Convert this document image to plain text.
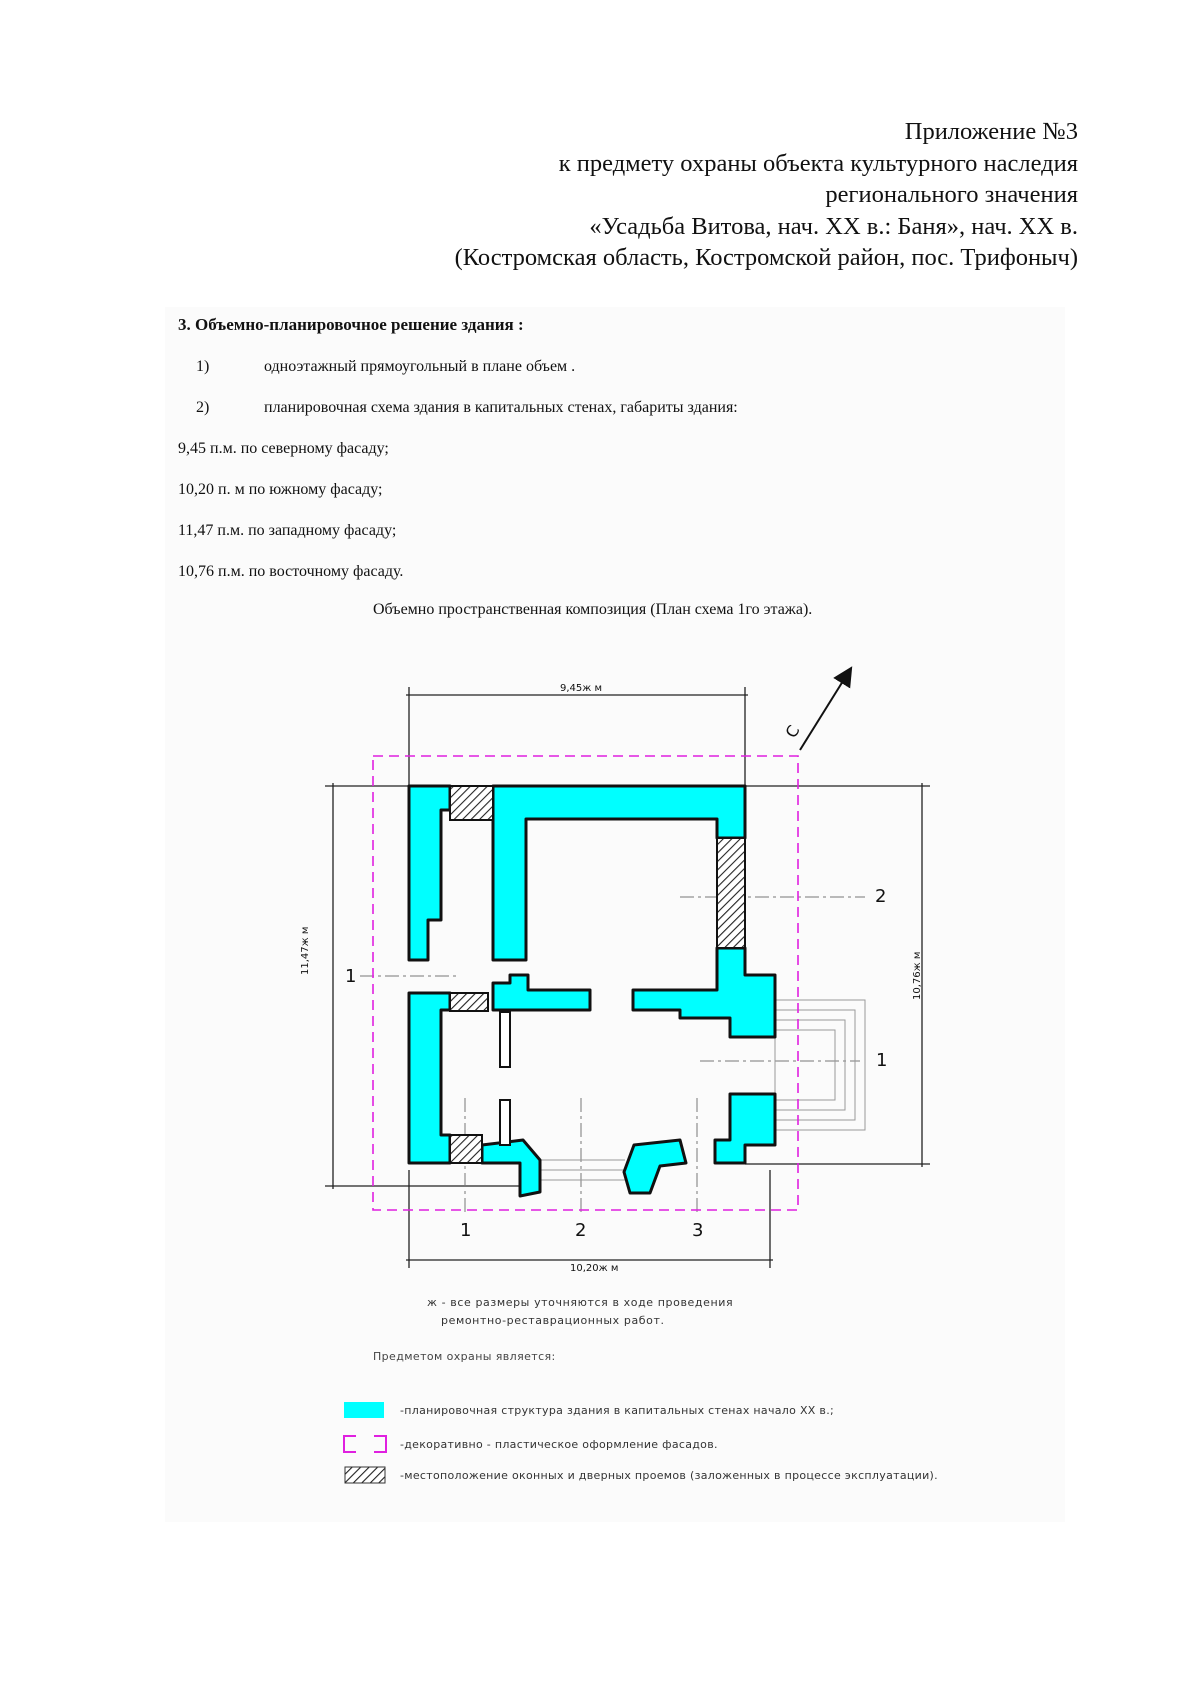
Приложение №3
к предмету охраны объекта культурного наследия
регионального значения
«Усадьба Витова, нач. XX в.: Баня», нач. XX в.
(Костромская область, Костромской район, пос. Трифоныч)
3. Объемно-планировочное решение здания :
1)	одноэтажный прямоугольный в плане объем .
2)	планировочная схема здания в капитальных стенах, габариты здания:
9,45 п.м. по северному фасаду;
10,20 п. м по южному фасаду;
11,47 п.м. по западному фасаду;
10,76 п.м. по восточному фасаду.
Объемно пространственная композиция (План схема 1го этажа).
9,45ж м
10,20ж м
11,47ж м
10,76ж м
С
1
2
1
1	2	3
ж - все размеры уточняются в ходе проведения
ремонтно-реставрационных работ.
Предметом охраны является:
-планировочная структура здания в капитальных стенах начало XX в.;
-декоративно - пластическое оформление фасадов.
-местоположение оконных и дверных проемов (заложенных в процессе эксплуатации).
